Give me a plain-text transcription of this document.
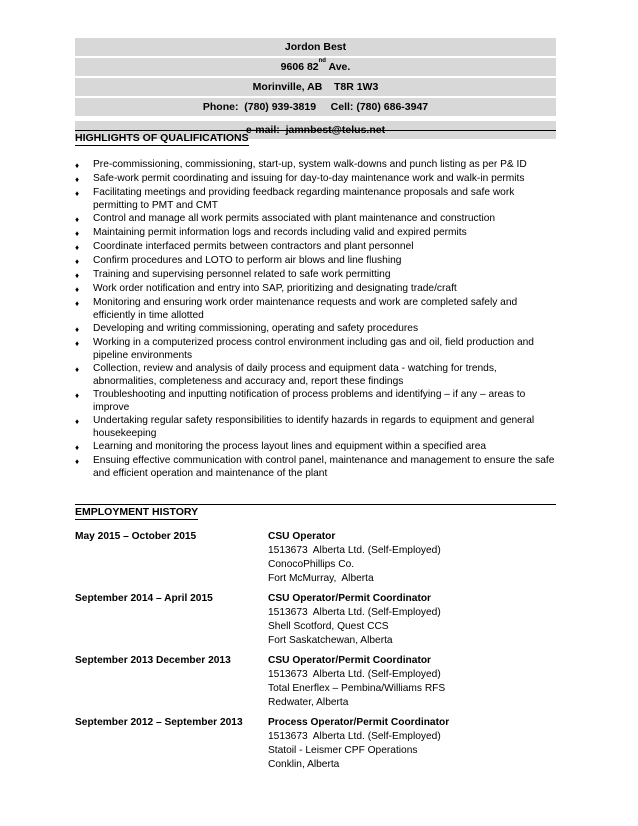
Jordon Best
9606 82nd Ave.
Morinville, AB    T8R 1W3
Phone:  (780) 939-3819     Cell: (780) 686-3947
e-mail:  jamnbest@telus.net
HIGHLIGHTS OF QUALIFICATIONS
♦	Pre-commissioning, commissioning, start-up, system walk-downs and punch listing as per P& ID
♦	Safe-work permit coordinating and issuing for day-to-day maintenance work and walk-in permits
♦	Facilitating meetings and providing feedback regarding maintenance proposals and safe work permitting to PMT and CMT
♦	Control and manage all work permits associated with plant maintenance and construction
♦	Maintaining permit information logs and records including valid and expired permits
♦	Coordinate interfaced permits between contractors and plant personnel
♦	Confirm procedures and LOTO to perform air blows and line flushing
♦	Training and supervising personnel related to safe work permitting
♦	Work order notification and entry into SAP, prioritizing and designating trade/craft
♦	Monitoring and ensuring work order maintenance requests and work are completed safely and efficiently in time allotted
♦	Developing and writing commissioning, operating and safety procedures
♦	Working in a computerized process control environment including gas and oil, field production and pipeline environments
♦	Collection, review and analysis of daily process and equipment data - watching for trends, abnormalities, completeness and accuracy and, report these findings
♦	Troubleshooting and inputting notification of process problems and identifying – if any – areas to improve
♦	Undertaking regular safety responsibilities to identify hazards in regards to equipment and general housekeeping
♦	Learning and monitoring the process layout lines and equipment within a specified area
♦	Ensuing effective communication with control panel, maintenance and management to ensure the safe and efficient operation and maintenance of the plant
EMPLOYMENT HISTORY
May 2015 – October 2015	CSU Operator
1513673  Alberta Ltd. (Self-Employed)
ConocoPhillips Co.
Fort McMurray,  Alberta
September 2014 – April 2015	CSU Operator/Permit Coordinator
1513673  Alberta Ltd. (Self-Employed)
Shell Scotford, Quest CCS
Fort Saskatchewan, Alberta
September 2013 December 2013	CSU Operator/Permit Coordinator
1513673  Alberta Ltd. (Self-Employed)
Total Enerflex – Pembina/Williams RFS
Redwater, Alberta
September 2012 – September 2013	Process Operator/Permit Coordinator
1513673  Alberta Ltd. (Self-Employed)
Statoil - Leismer CPF Operations
Conklin, Alberta
